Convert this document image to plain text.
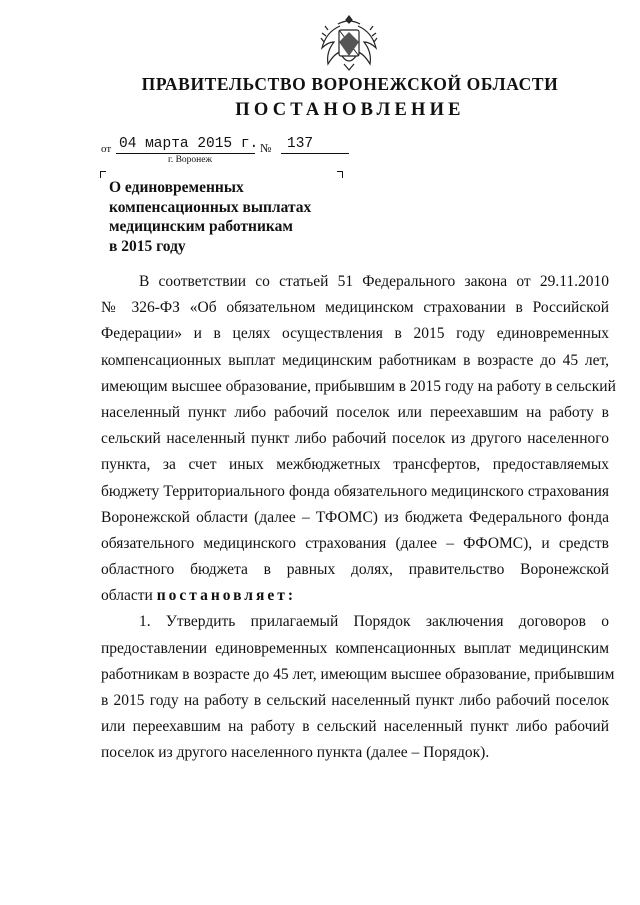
ПРАВИТЕЛЬСТВО ВОРОНЕЖСКОЙ ОБЛАСТИ
ПОСТАНОВЛЕНИЕ
от 04 марта 2015 г. №	137
г. Воронеж
О единовременных
компенсационных выплатах
медицинским работникам
в 2015 году
В соответствии со статьей 51 Федерального закона от 29.11.2010
№ 326-ФЗ «Об обязательном медицинском страховании в Российской
Федерации» и в целях осуществления в 2015 году единовременных
компенсационных выплат медицинским работникам в возрасте до 45 лет,
имеющим высшее образование, прибывшим в 2015 году на работу в сельский
населенный пункт либо рабочий поселок или переехавшим на работу в
сельский населенный пункт либо рабочий поселок из другого населенного
пункта, за счет иных межбюджетных трансфертов, предоставляемых
бюджету Территориального фонда обязательного медицинского страхования
Воронежской области (далее – ТФОМС) из бюджета Федерального фонда
обязательного медицинского страхования (далее – ФФОМС), и средств
областного бюджета в равных долях, правительство Воронежской
области постановляет:
1. Утвердить прилагаемый Порядок заключения договоров о
предоставлении единовременных компенсационных выплат медицинским
работникам в возрасте до 45 лет, имеющим высшее образование, прибывшим
в 2015 году на работу в сельский населенный пункт либо рабочий поселок
или переехавшим на работу в сельский населенный пункт либо рабочий
поселок из другого населенного пункта (далее – Порядок).
